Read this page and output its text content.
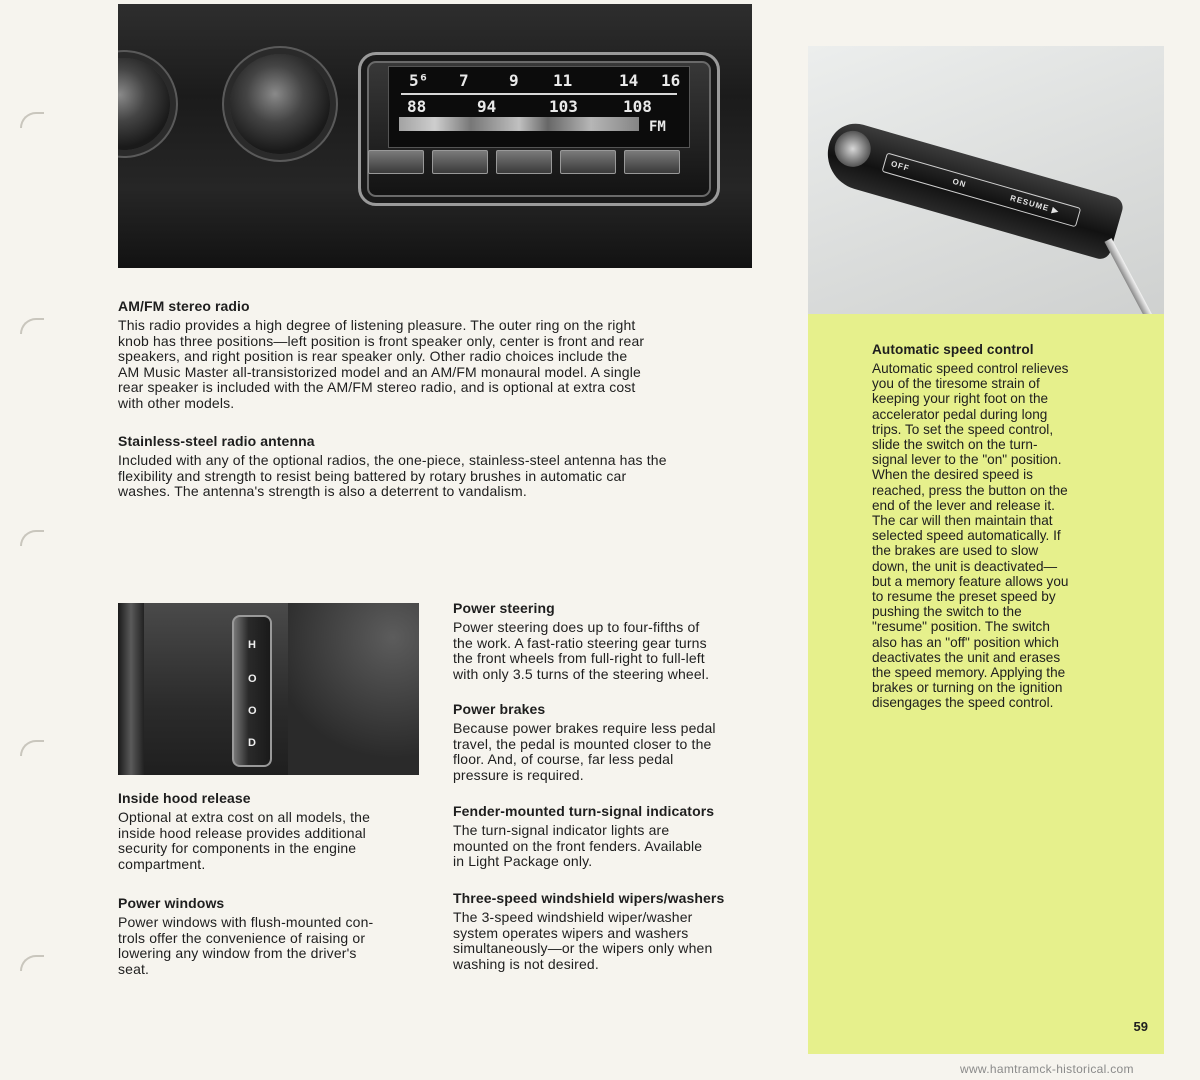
5⁶ 7	9 11	14 16
88	94	103	108
FM

AM/FM stereo radio

This radio provides a high degree of listening pleasure. The outer ring on the right
knob has three positions—left position is front speaker only, center is front and rear
speakers, and right position is rear speaker only. Other radio choices include the
AM Music Master all-transistorized model and an AM/FM monaural model. A single
rear speaker is included with the AM/FM stereo radio, and is optional at extra cost
with other models.

Stainless-steel radio antenna

Included with any of the optional radios, the one-piece, stainless-steel antenna has the
flexibility and strength to resist being battered by rotary brushes in automatic car
washes. The antenna's strength is also a deterrent to vandalism.

H
O
O
D

Inside hood release

Optional at extra cost on all models, the
inside hood release provides additional
security for components in the engine
compartment.

Power windows

Power windows with flush-mounted con-
trols offer the convenience of raising or
lowering any window from the driver's
seat.

Power steering

Power steering does up to four-fifths of
the work. A fast-ratio steering gear turns
the front wheels from full-right to full-left
with only 3.5 turns of the steering wheel.

Power brakes

Because power brakes require less pedal
travel, the pedal is mounted closer to the
floor. And, of course, far less pedal
pressure is required.

Fender-mounted turn-signal indicators

The turn-signal indicator lights are
mounted on the front fenders. Available
in Light Package only.

Three-speed windshield wipers/washers

The 3-speed windshield wiper/washer
system operates wipers and washers
simultaneously—or the wipers only when
washing is not desired.

OFF
ON
RESUME ▶

Automatic speed control

Automatic speed control relieves
you of the tiresome strain of
keeping your right foot on the
accelerator pedal during long
trips. To set the speed control,
slide the switch on the turn-
signal lever to the "on" position.
When the desired speed is
reached, press the button on the
end of the lever and release it.
The car will then maintain that
selected speed automatically. If
the brakes are used to slow
down, the unit is deactivated—
but a memory feature allows you
to resume the preset speed by
pushing the switch to the
"resume" position. The switch
also has an "off" position which
deactivates the unit and erases
the speed memory. Applying the
brakes or turning on the ignition
disengages the speed control.

59
www.hamtramck-historical.com
